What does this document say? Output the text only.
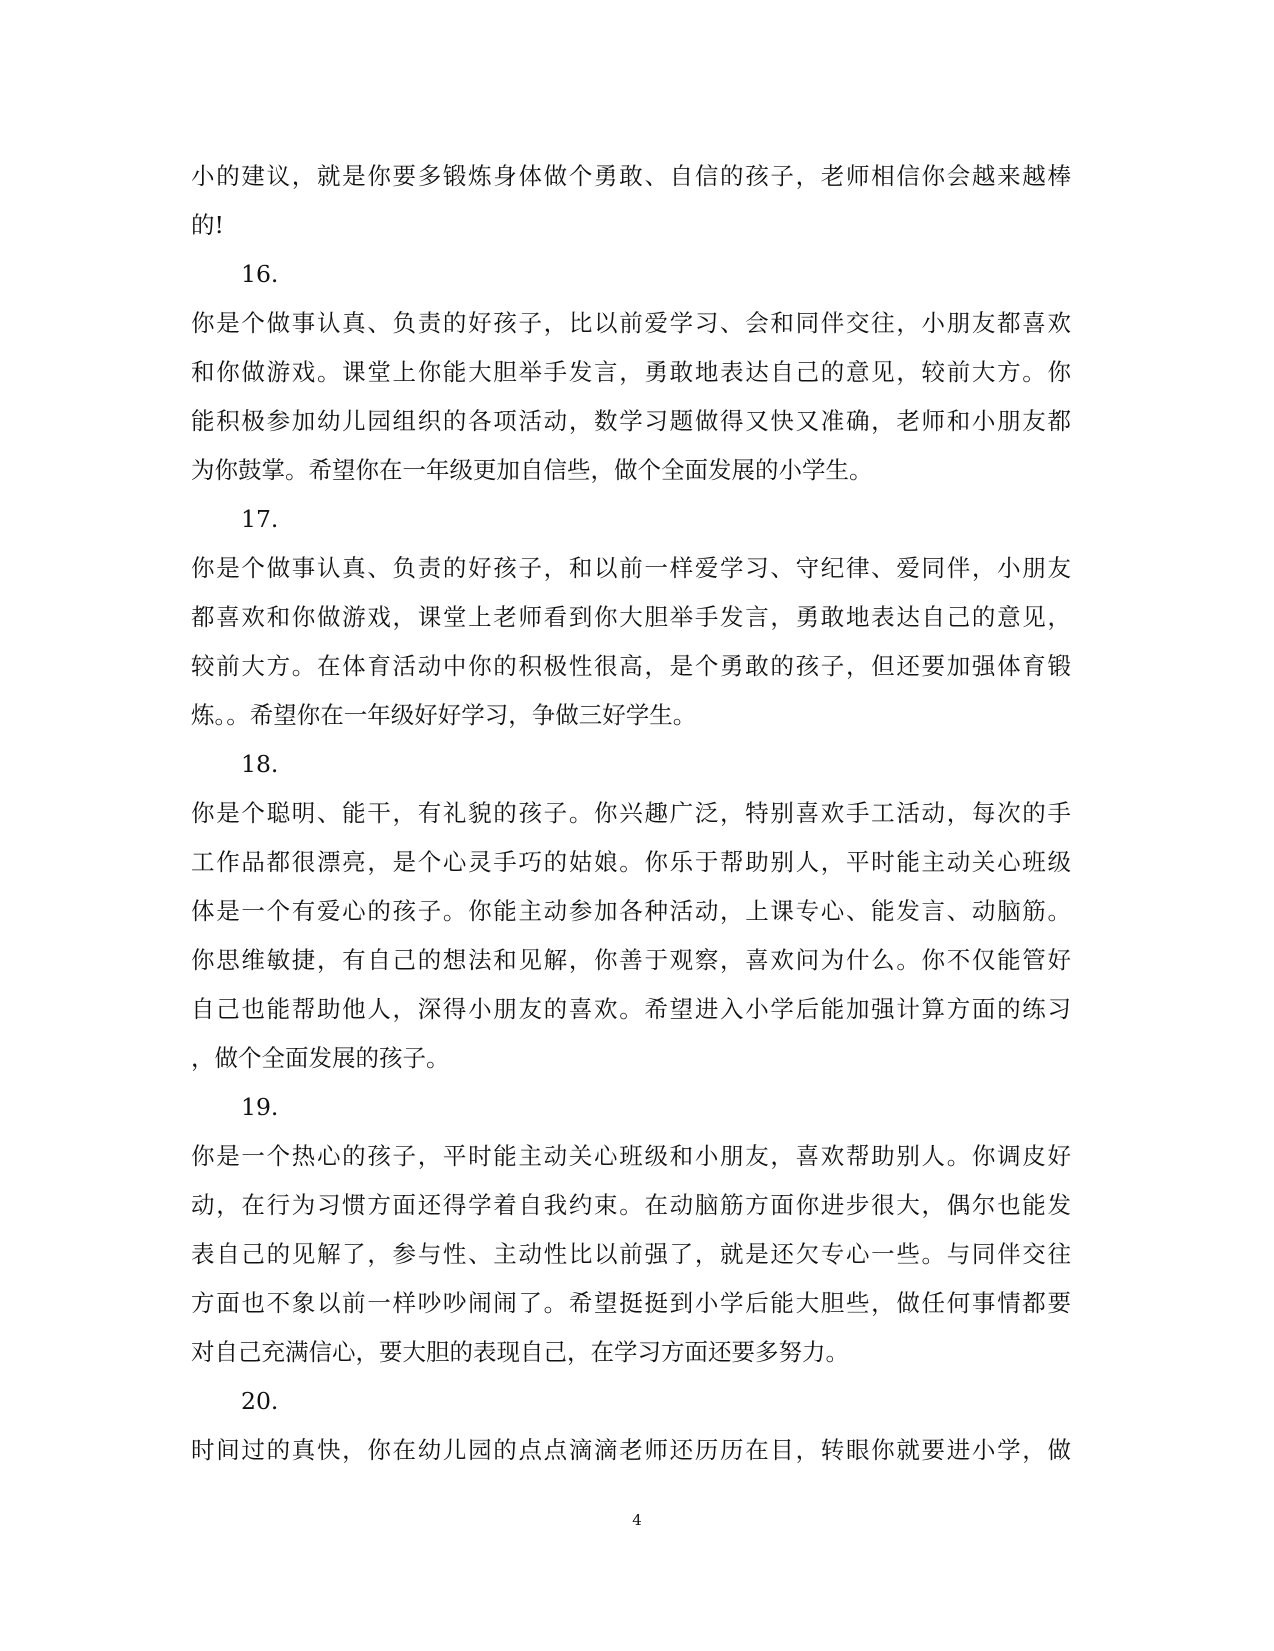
小的建议，就是你要多锻炼身体做个勇敢、自信的孩子，老师相信你会越来越棒
的!
16.
你是个做事认真、负责的好孩子，比以前爱学习、会和同伴交往，小朋友都喜欢
和你做游戏。课堂上你能大胆举手发言，勇敢地表达自己的意见，较前大方。你
能积极参加幼儿园组织的各项活动，数学习题做得又快又准确，老师和小朋友都
为你鼓掌。希望你在一年级更加自信些，做个全面发展的小学生。
17.
你是个做事认真、负责的好孩子，和以前一样爱学习、守纪律、爱同伴，小朋友
都喜欢和你做游戏，课堂上老师看到你大胆举手发言，勇敢地表达自己的意见，
较前大方。在体育活动中你的积极性很高，是个勇敢的孩子，但还要加强体育锻
炼。。希望你在一年级好好学习，争做三好学生。
18.
你是个聪明、能干，有礼貌的孩子。你兴趣广泛，特别喜欢手工活动，每次的手
工作品都很漂亮，是个心灵手巧的姑娘。你乐于帮助别人，平时能主动关心班级
体是一个有爱心的孩子。你能主动参加各种活动，上课专心、能发言、动脑筋。
你思维敏捷，有自己的想法和见解，你善于观察，喜欢问为什么。你不仅能管好
自己也能帮助他人，深得小朋友的喜欢。希望进入小学后能加强计算方面的练习
，做个全面发展的孩子。
19.
你是一个热心的孩子，平时能主动关心班级和小朋友，喜欢帮助别人。你调皮好
动，在行为习惯方面还得学着自我约束。在动脑筋方面你进步很大，偶尔也能发
表自己的见解了，参与性、主动性比以前强了，就是还欠专心一些。与同伴交往
方面也不象以前一样吵吵闹闹了。希望挺挺到小学后能大胆些，做任何事情都要
对自己充满信心，要大胆的表现自己，在学习方面还要多努力。
20.
时间过的真快，你在幼儿园的点点滴滴老师还历历在目，转眼你就要进小学，做
4
